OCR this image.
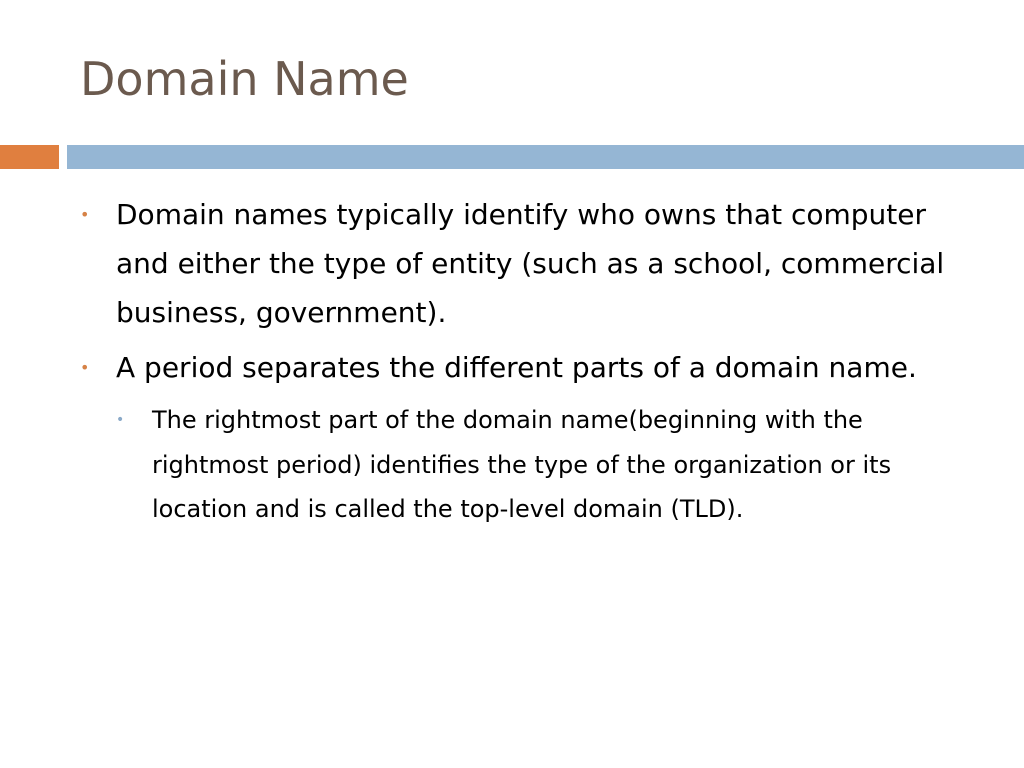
Domain Name
• Domain names typically identify who owns that computer and either the type of entity (such as a school, commercial business, government).
• A period separates the different parts of a domain name.
• The rightmost part of the domain name(beginning with the rightmost period) identifies the type of the organization or its location and is called the top-level domain (TLD).
